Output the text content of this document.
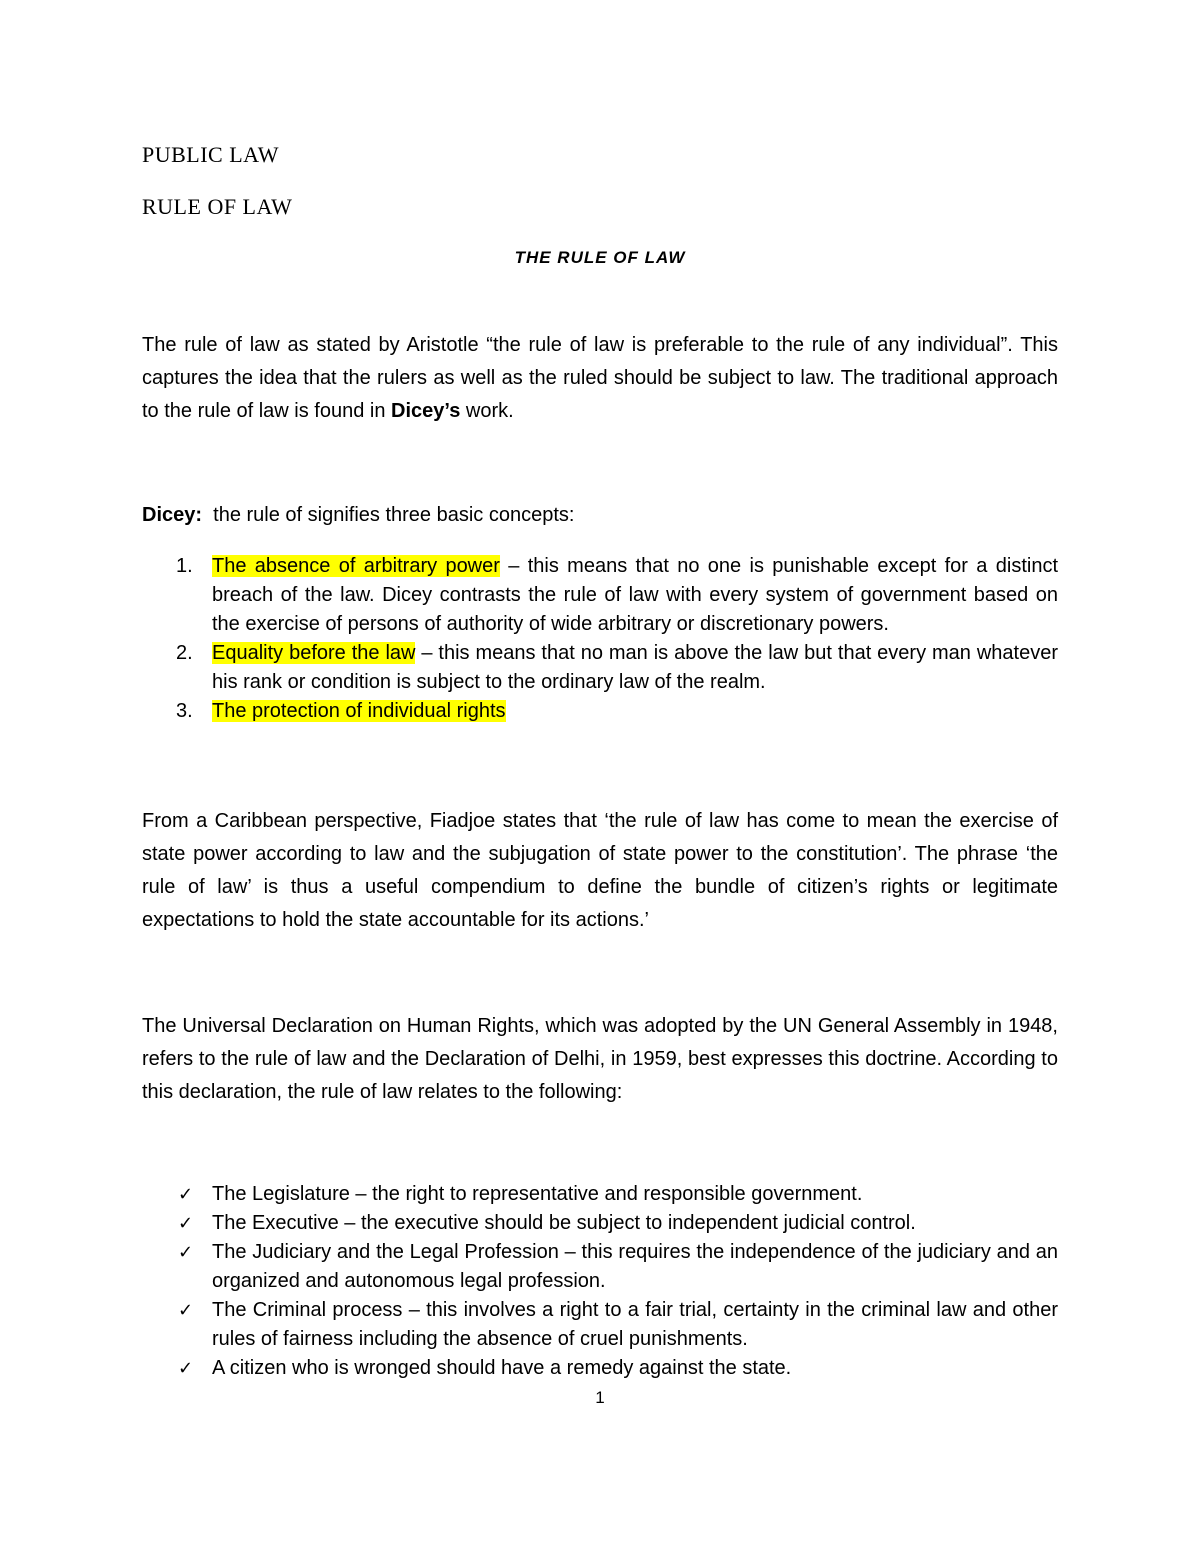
PUBLIC LAW
RULE OF LAW
THE RULE OF LAW

The rule of law as stated by Aristotle “the rule of law is preferable to the rule of any individual”. This captures the idea that the rulers as well as the ruled should be subject to law. The traditional approach to the rule of law is found in Dicey’s work.

Dicey:  the rule of signifies three basic concepts:

1. The absence of arbitrary power – this means that no one is punishable except for a distinct breach of the law. Dicey contrasts the rule of law with every system of government based on the exercise of persons of authority of wide arbitrary or discretionary powers.
2. Equality before the law – this means that no man is above the law but that every man whatever his rank or condition is subject to the ordinary law of the realm.
3. The protection of individual rights

From a Caribbean perspective, Fiadjoe states that ‘the rule of law has come to mean the exercise of state power according to law and the subjugation of state power to the constitution’. The phrase ‘the rule of law’ is thus a useful compendium to define the bundle of citizen’s rights or legitimate expectations to hold the state accountable for its actions.’

The Universal Declaration on Human Rights, which was adopted by the UN General Assembly in 1948, refers to the rule of law and the Declaration of Delhi, in 1959, best expresses this doctrine. According to this declaration, the rule of law relates to the following:

✓ The Legislature – the right to representative and responsible government.
✓ The Executive – the executive should be subject to independent judicial control.
✓ The Judiciary and the Legal Profession – this requires the independence of the judiciary and an organized and autonomous legal profession.
✓ The Criminal process – this involves a right to a fair trial, certainty in the criminal law and other rules of fairness including the absence of cruel punishments.
✓ A citizen who is wronged should have a remedy against the state.
1
